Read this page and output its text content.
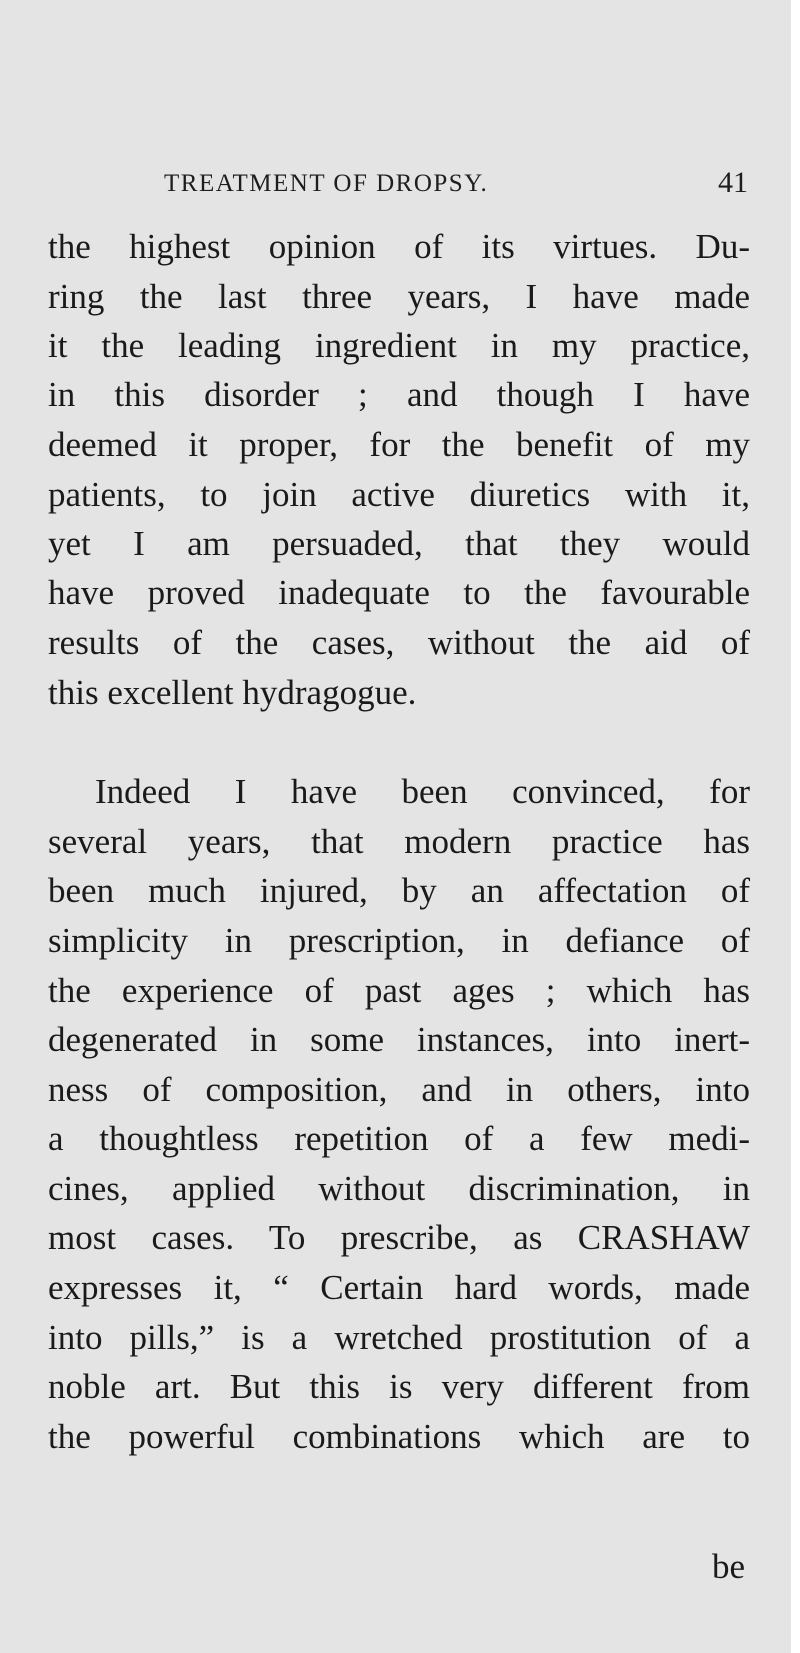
TREATMENT OF DROPSY.	41
the highest opinion of its virtues. Du-
ring the last three years, I have made
it the leading ingredient in my practice,
in this disorder ; and though I have
deemed it proper, for the benefit of my
patients, to join active diuretics with it,
yet I am persuaded, that they would
have proved inadequate to the favourable
results of the cases, without the aid of
this excellent hydragogue.
Indeed I have been convinced, for
several years, that modern practice has
been much injured, by an affectation of
simplicity in prescription, in defiance of
the experience of past ages ; which has
degenerated in some instances, into inert-
ness of composition, and in others, into
a thoughtless repetition of a few medi-
cines, applied without discrimination, in
most cases. To prescribe, as CRASHAW
expresses it, “ Certain hard words, made
into pills,” is a wretched prostitution of a
noble art. But this is very different from
the powerful combinations which are to
be
